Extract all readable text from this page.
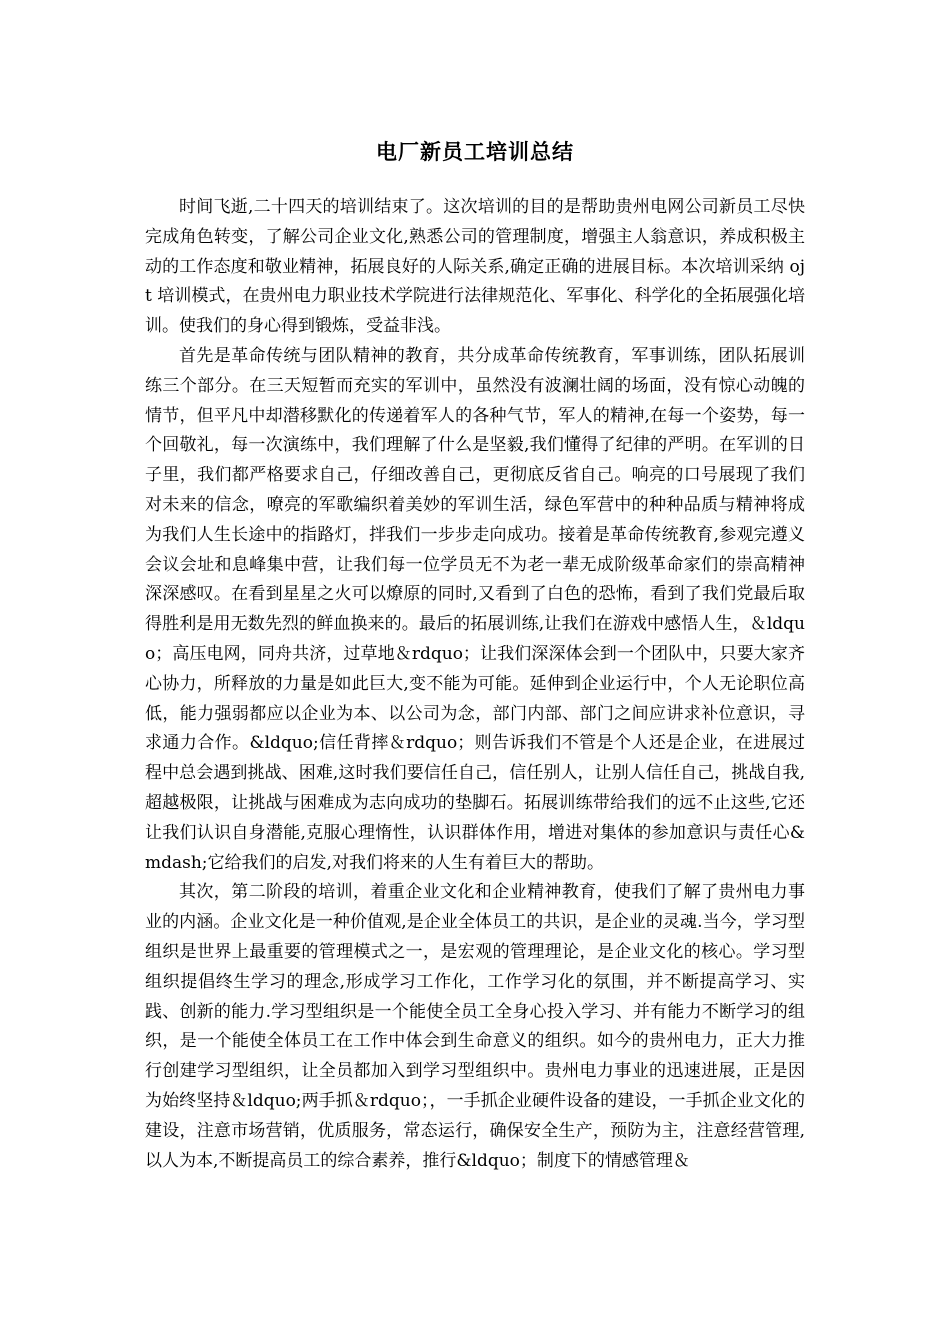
电厂新员工培训总结

时间飞逝,二十四天的培训结束了。这次培训的目的是帮助贵州电网公司新员工尽快完成角色转变，了解公司企业文化,熟悉公司的管理制度，增强主人翁意识，养成积极主动的工作态度和敬业精神，拓展良好的人际关系,确定正确的进展目标。本次培训采纳 ojt 培训模式，在贵州电力职业技术学院进行法律规范化、军事化、科学化的全拓展强化培训。使我们的身心得到锻炼，受益非浅。

首先是革命传统与团队精神的教育，共分成革命传统教育，军事训练，团队拓展训练三个部分。在三天短暂而充实的军训中，虽然没有波澜壮阔的场面，没有惊心动魄的情节，但平凡中却潜移默化的传递着军人的各种气节，军人的精神,在每一个姿势，每一个回敬礼，每一次演练中，我们理解了什么是坚毅,我们懂得了纪律的严明。在军训的日子里，我们都严格要求自己，仔细改善自己，更彻底反省自己。响亮的口号展现了我们对未来的信念，嘹亮的军歌编织着美妙的军训生活，绿色军营中的种种品质与精神将成为我们人生长途中的指路灯，拌我们一步步走向成功。接着是革命传统教育,参观完遵义会议会址和息峰集中营，让我们每一位学员无不为老一辈无成阶级革命家们的崇高精神深深感叹。在看到星星之火可以燎原的同时,又看到了白色的恐怖，看到了我们党最后取得胜利是用无数先烈的鲜血换来的。最后的拓展训练,让我们在游戏中感悟人生，＆ldquo；高压电网，同舟共济，过草地＆rdquo；让我们深深体会到一个团队中，只要大家齐心协力，所释放的力量是如此巨大,变不能为可能。延伸到企业运行中，个人无论职位高低，能力强弱都应以企业为本、以公司为念，部门内部、部门之间应讲求补位意识，寻求通力合作。&ldquo;信任背摔＆rdquo；则告诉我们不管是个人还是企业，在进展过程中总会遇到挑战、困难,这时我们要信任自己，信任别人，让别人信任自己，挑战自我,超越极限，让挑战与困难成为志向成功的垫脚石。拓展训练带给我们的远不止这些,它还让我们认识自身潜能,克服心理惰性，认识群体作用，增进对集体的参加意识与责任心&mdash;它给我们的启发,对我们将来的人生有着巨大的帮助。

其次，第二阶段的培训，着重企业文化和企业精神教育，使我们了解了贵州电力事业的内涵。企业文化是一种价值观,是企业全体员工的共识，是企业的灵魂.当今，学习型组织是世界上最重要的管理模式之一，是宏观的管理理论，是企业文化的核心。学习型组织提倡终生学习的理念,形成学习工作化，工作学习化的氛围，并不断提高学习、实践、创新的能力.学习型组织是一个能使全员工全身心投入学习、并有能力不断学习的组织，是一个能使全体员工在工作中体会到生命意义的组织。如今的贵州电力，正大力推行创建学习型组织，让全员都加入到学习型组织中。贵州电力事业的迅速进展，正是因为始终坚持＆ldquo;两手抓＆rdquo；，一手抓企业硬件设备的建设，一手抓企业文化的建设，注意市场营销，优质服务，常态运行，确保安全生产，预防为主，注意经营管理,以人为本,不断提高员工的综合素养，推行&ldquo；制度下的情感管理＆
